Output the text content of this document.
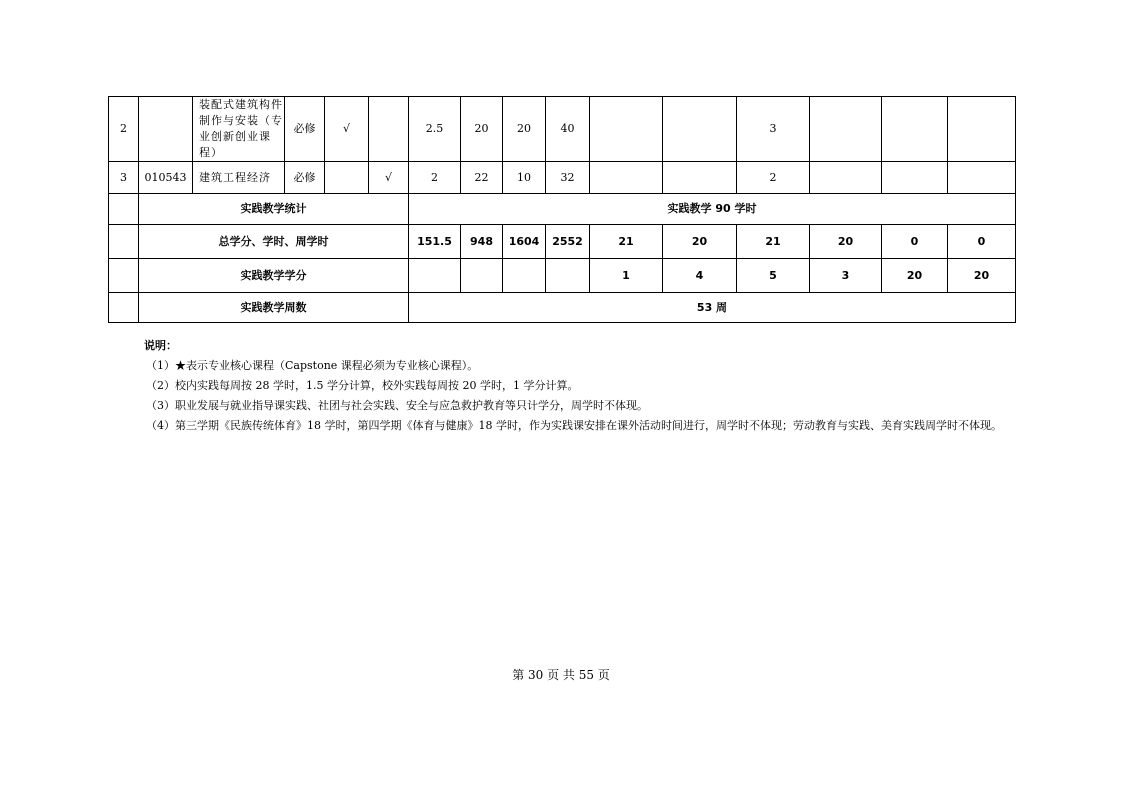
2		装配式建筑构件制作与安装（专业创新创业课程）	必修	√		2.5	20	20	40			3			
3	010543	建筑工程经济	必修		√	2	22	10	32			2			
	实践教学统计					实践教学 90 学时									
	总学分、学时、周学时					151.5	948	1604	2552	21	20	21	20	0	0
	实践教学学分									1	4	5	3	20	20
	实践教学周数					53 周									
说明：
（1）★表示专业核心课程（Capstone 课程必须为专业核心课程）。
（2）校内实践每周按 28 学时，1.5 学分计算，校外实践每周按 20 学时，1 学分计算。
（3）职业发展与就业指导课实践、社团与社会实践、安全与应急救护教育等只计学分，周学时不体现。
（4）第三学期《民族传统体育》18 学时，第四学期《体育与健康》18 学时，作为实践课安排在课外活动时间进行，周学时不体现；劳动教育与实践、美育实践周学时不体现。
第 30 页 共 55 页
